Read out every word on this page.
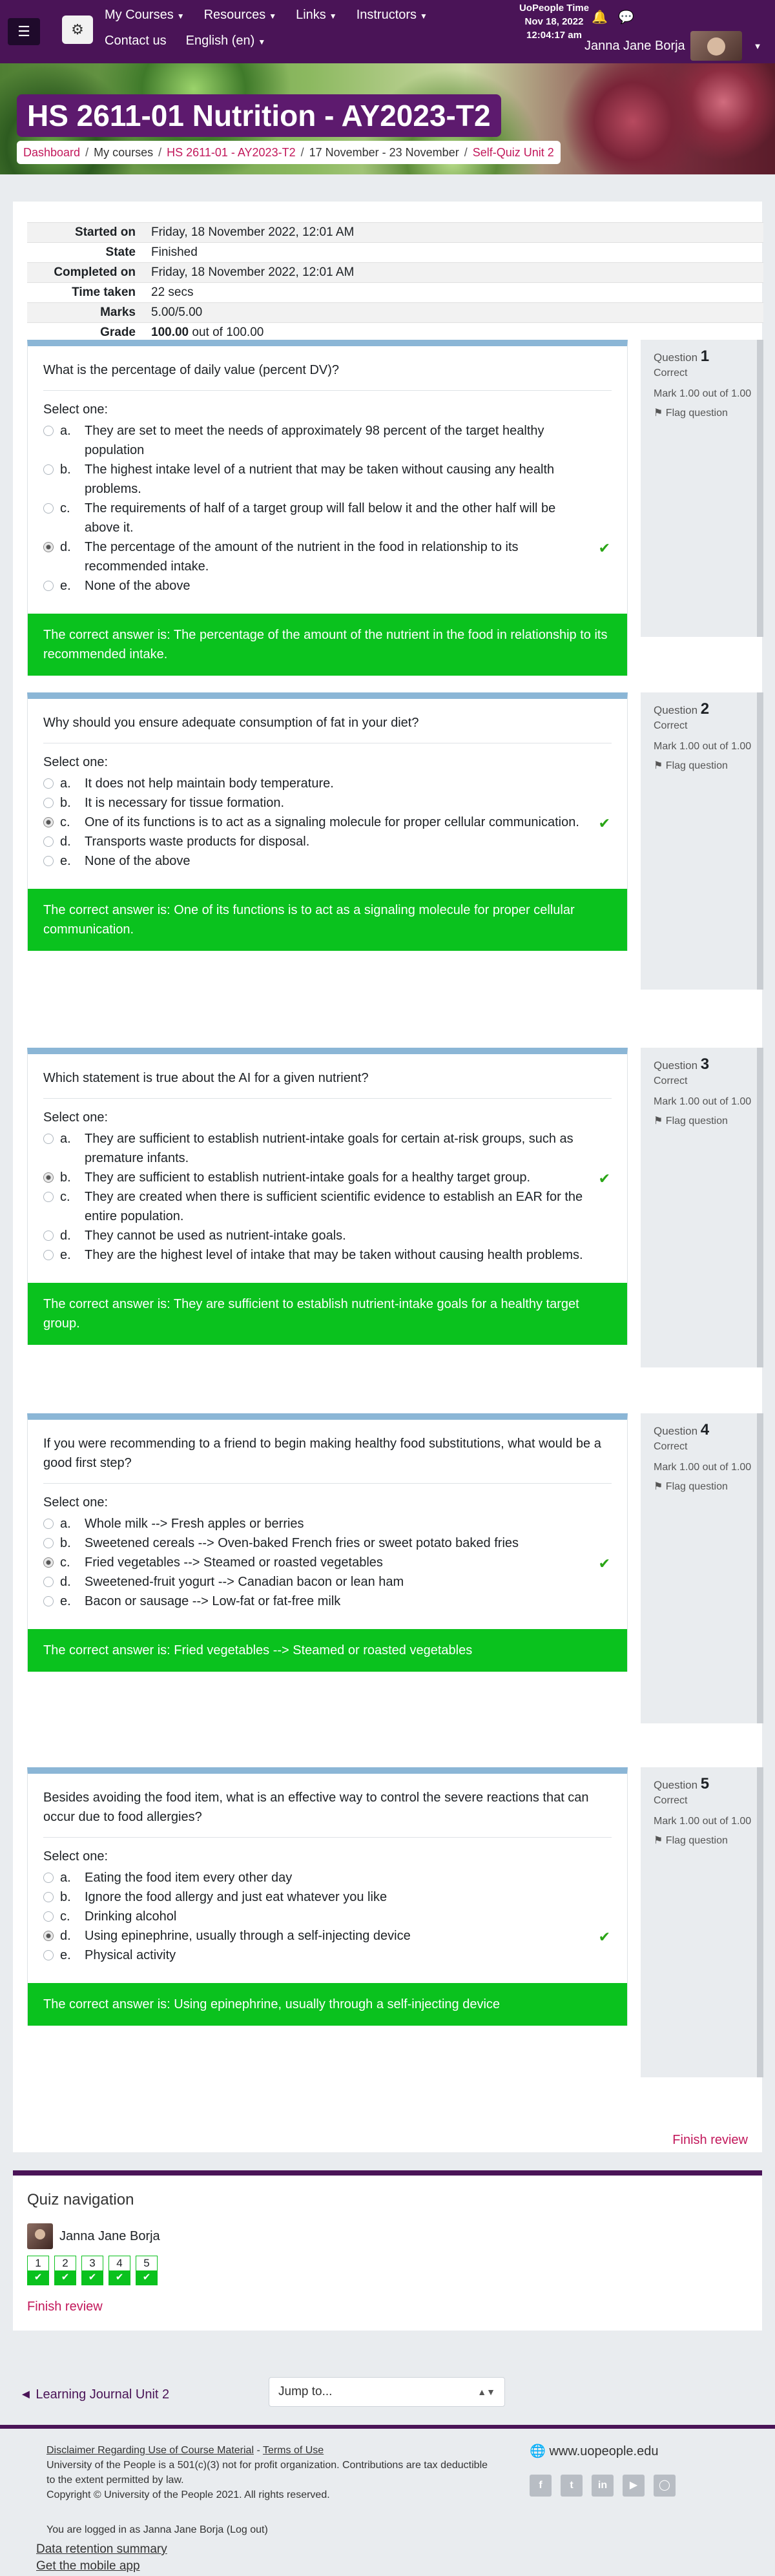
☰	⚙
My Courses ▼ Resources ▼ Links ▼ Instructors ▼
Contact us English (en) ▼
UoPeople Time
Nov 18, 2022
12:04:17 am
🔔 💬
Janna Jane Borja	▼
HS 2611-01 Nutrition - AY2023-T2
Dashboard / My courses / HS 2611-01 - AY2023-T2 / 17 November - 23 November / Self-Quiz Unit 2
Started on	Friday, 18 November 2022, 12:01 AM
State	Finished
Completed on	Friday, 18 November 2022, 12:01 AM
Time taken	22 secs
Marks	5.00/5.00
Grade	100.00 out of 100.00
What is the percentage of daily value (percent DV)?
Select one:
a.	They are set to meet the needs of approximately 98 percent of the target healthy population
b.	The highest intake level of a nutrient that may be taken without causing any health problems.
c.	The requirements of half of a target group will fall below it and the other half will be above it.
d.	The percentage of the amount of the nutrient in the food in relationship to its recommended intake.
✔
e.	None of the above
The correct answer is: The percentage of the amount of the nutrient in the food in relationship to its recommended intake.
Question 1
Correct
Mark 1.00 out of 1.00
⚑ Flag question
Why should you ensure adequate consumption of fat in your diet?
Select one:
a.	It does not help maintain body temperature.
b.	It is necessary for tissue formation.
c.	One of its functions is to act as a signaling molecule for proper cellular communication. ✔
d.	Transports waste products for disposal.
e.	None of the above
The correct answer is: One of its functions is to act as a signaling molecule for proper cellular communication.
Question 2
Correct
Mark 1.00 out of 1.00
⚑ Flag question
Which statement is true about the AI for a given nutrient?
Select one:
a.	They are sufficient to establish nutrient-intake goals for certain at-risk groups, such as premature infants.
b.	They are sufficient to establish nutrient-intake goals for a healthy target group.	✔
c.	They are created when there is sufficient scientific evidence to establish an EAR for the entire population.
d.	They cannot be used as nutrient-intake goals.
e.	They are the highest level of intake that may be taken without causing health problems.
The correct answer is: They are sufficient to establish nutrient-intake goals for a healthy target group.
Question 3
Correct
Mark 1.00 out of 1.00
⚑ Flag question
If you were recommending to a friend to begin making healthy food substitutions, what would be a good first step?
Select one:
a.	Whole milk --> Fresh apples or berries
b.	Sweetened cereals --> Oven-baked French fries or sweet potato baked fries
c.	Fried vegetables --> Steamed or roasted vegetables	✔
d.	Sweetened-fruit yogurt --> Canadian bacon or lean ham
e.	Bacon or sausage --> Low-fat or fat-free milk
The correct answer is: Fried vegetables --> Steamed or roasted vegetables
Question 4
Correct
Mark 1.00 out of 1.00
⚑ Flag question
Besides avoiding the food item, what is an effective way to control the severe reactions that can occur due to food allergies?
Select one:
a.	Eating the food item every other day
b.	Ignore the food allergy and just eat whatever you like
c.	Drinking alcohol
d.	Using epinephrine, usually through a self-injecting device	✔
e.	Physical activity
The correct answer is: Using epinephrine, usually through a self-injecting device
Question 5
Correct
Mark 1.00 out of 1.00
⚑ Flag question
Finish review
Quiz navigation
Janna Jane Borja
1
✔
2
✔
3
✔
4
✔
5
✔
Finish review
◄ Learning Journal Unit 2	Jump to...	▲▼
Disclaimer Regarding Use of Course Material - Terms of Use
University of the People is a 501(c)(3) not for profit organization. Contributions are tax deductible to the extent permitted by law.
Copyright © University of the People 2021. All rights reserved.
🌐 www.uopeople.edu
f	t	in	▶	◯
You are logged in as Janna Jane Borja (Log out)
Data retention summary
Get the mobile app
